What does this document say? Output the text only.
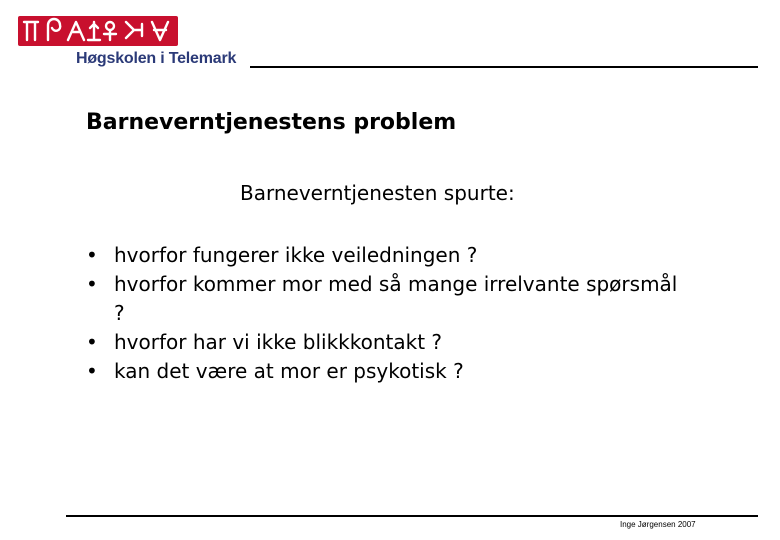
Høgskolen i Telemark
Barneverntjenestens problem
Barneverntjenesten spurte:
• hvorfor fungerer ikke veiledningen ?
• hvorfor kommer mor med så mange irrelvante spørsmål ?
• hvorfor har vi ikke blikkkontakt ?
• kan det være at mor er psykotisk ?
Inge Jørgensen 2007
